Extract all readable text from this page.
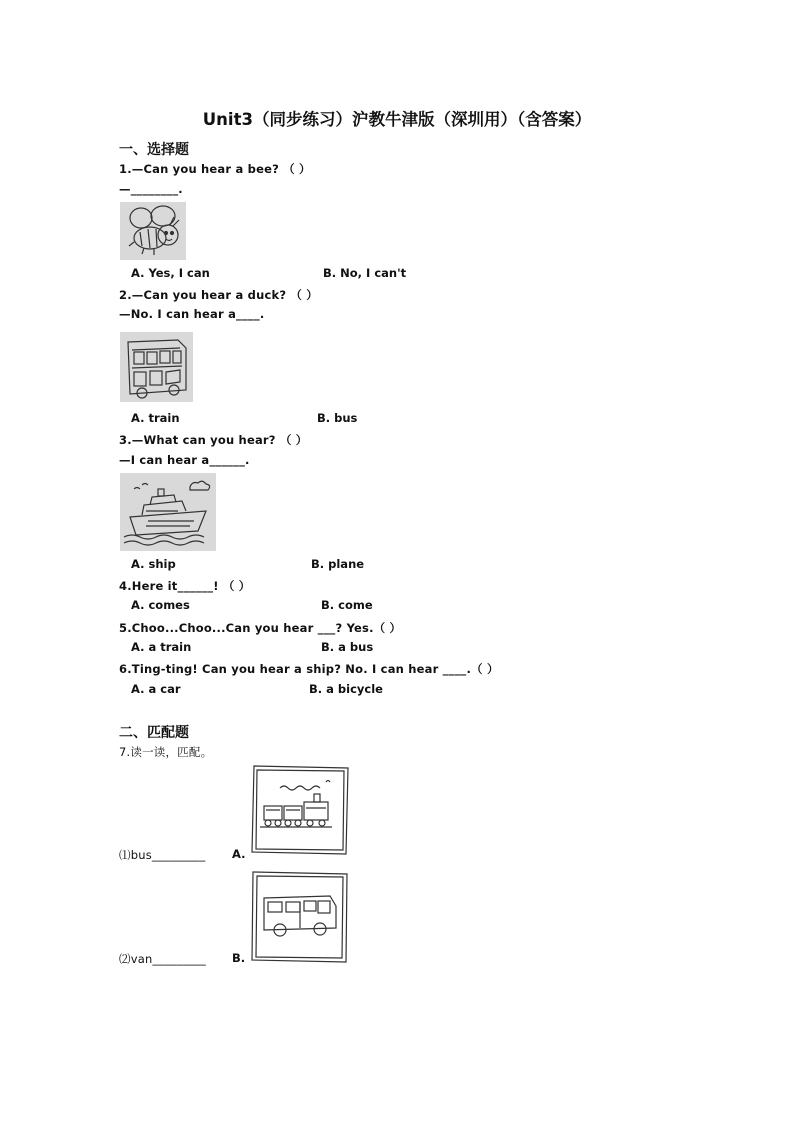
Unit3（同步练习）沪教牛津版（深圳用）（含答案）
一、选择题
1.—Can you hear a bee? （ ）
—________.
A. Yes, I can	B. No, I can't
2.—Can you hear a duck? （ ）
—No. I can hear a____.
A. train	B. bus
3.—What can you hear? （ ）
—I can hear a______.
A. ship	B. plane
4.Here it______! （ ）
A. comes	B. come
5.Choo...Choo...Can you hear ___? Yes.（ ）
A. a train	B. a bus
6.Ting-ting! Can you hear a ship? No. I can hear ____.（ ）
A. a car	B. a bicycle
二、匹配题
7.读一读，匹配。
⑴bus_________ A.
⑵van_________ B.
